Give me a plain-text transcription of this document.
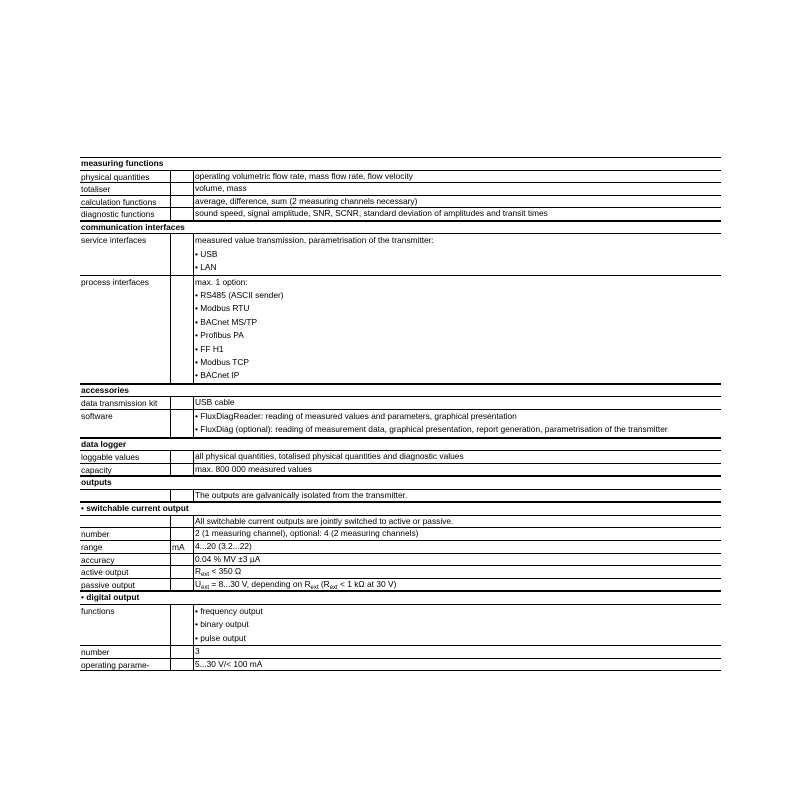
measuring functions
physical quantities	operating volumetric flow rate, mass flow rate, flow velocity
totaliser	volume, mass
calculation functions	average, difference, sum (2 measuring channels necessary)
diagnostic functions	sound speed, signal amplitude, SNR, SCNR, standard deviation of amplitudes and transit times
communication interfaces
service interfaces	measured value transmission, parametrisation of the transmitter:
• USB
• LAN
process interfaces	max. 1 option:
• RS485 (ASCII sender)
• Modbus RTU
• BACnet MS/TP
• Profibus PA
• FF H1
• Modbus TCP
• BACnet IP
accessories
data transmission kit	USB cable
software	• FluxDiagReader: reading of measured values and parameters, graphical presentation
• FluxDiag (optional): reading of measurement data, graphical presentation, report generation, parametrisation of the transmitter
data logger
loggable values	all physical quantities, totalised physical quantities and diagnostic values
capacity	max. 800 000 measured values
outputs
The outputs are galvanically isolated from the transmitter.
• switchable current output
All switchable current outputs are jointly switched to active or passive.
number	2 (1 measuring channel), optional: 4 (2 measuring channels)
range	mA	4...20 (3.2...22)
accuracy	0.04 % MV ±3 µA
active output	$R_{ext} < 350$ Ω
passive output	$U_{ext} = 8...30$ V, depending on $R_{ext}$ ($R_{ext} < 1$ kΩ at 30 V)
• digital output
functions	• frequency output
• binary output
• pulse output
number	3
operating parame-	5...30 V/< 100 mA
